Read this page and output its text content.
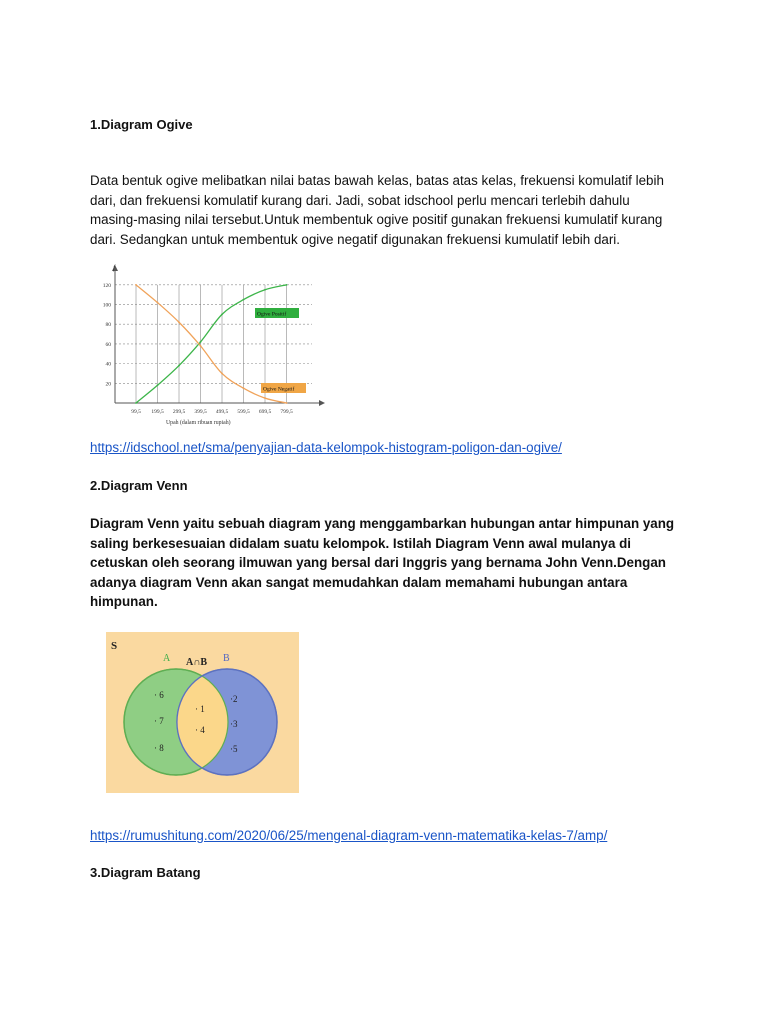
1.Diagram Ogive
Data bentuk ogive melibatkan nilai batas bawah kelas, batas atas kelas, frekuensi komulatif lebih dari, dan frekuensi komulatif kurang dari. Jadi, sobat idschool perlu mencari terlebih dahulu masing-masing nilai tersebut.Untuk membentuk ogive positif gunakan frekuensi kumulatif kurang dari. Sedangkan untuk membentuk ogive negatif digunakan frekuensi kumulatif lebih dari.
f
20
40
60
80
100
120
99,5 199,5 299,5 399,5 499,5 599,5 699,5 799,5
Ogive Positif
Ogive Negatif
Upah (dalam ribuan rupiah)
https://idschool.net/sma/penyajian-data-kelompok-histogram-poligon-dan-ogive/
2.Diagram Venn
Diagram Venn yaitu sebuah diagram yang menggambarkan hubungan antar himpunan yang saling berkesesuaian didalam suatu kelompok. Istilah Diagram Venn awal mulanya di cetuskan oleh seorang ilmuwan yang bersal dari Inggris yang bernama John Venn.Dengan adanya diagram Venn akan sangat memudahkan dalam memahami hubungan antara himpunan.
S
A	B
A∩B
· 6
· 7
· 8
· 1
· 4
·2
·3
·5
https://rumushitung.com/2020/06/25/mengenal-diagram-venn-matematika-kelas-7/amp/
3.Diagram Batang
